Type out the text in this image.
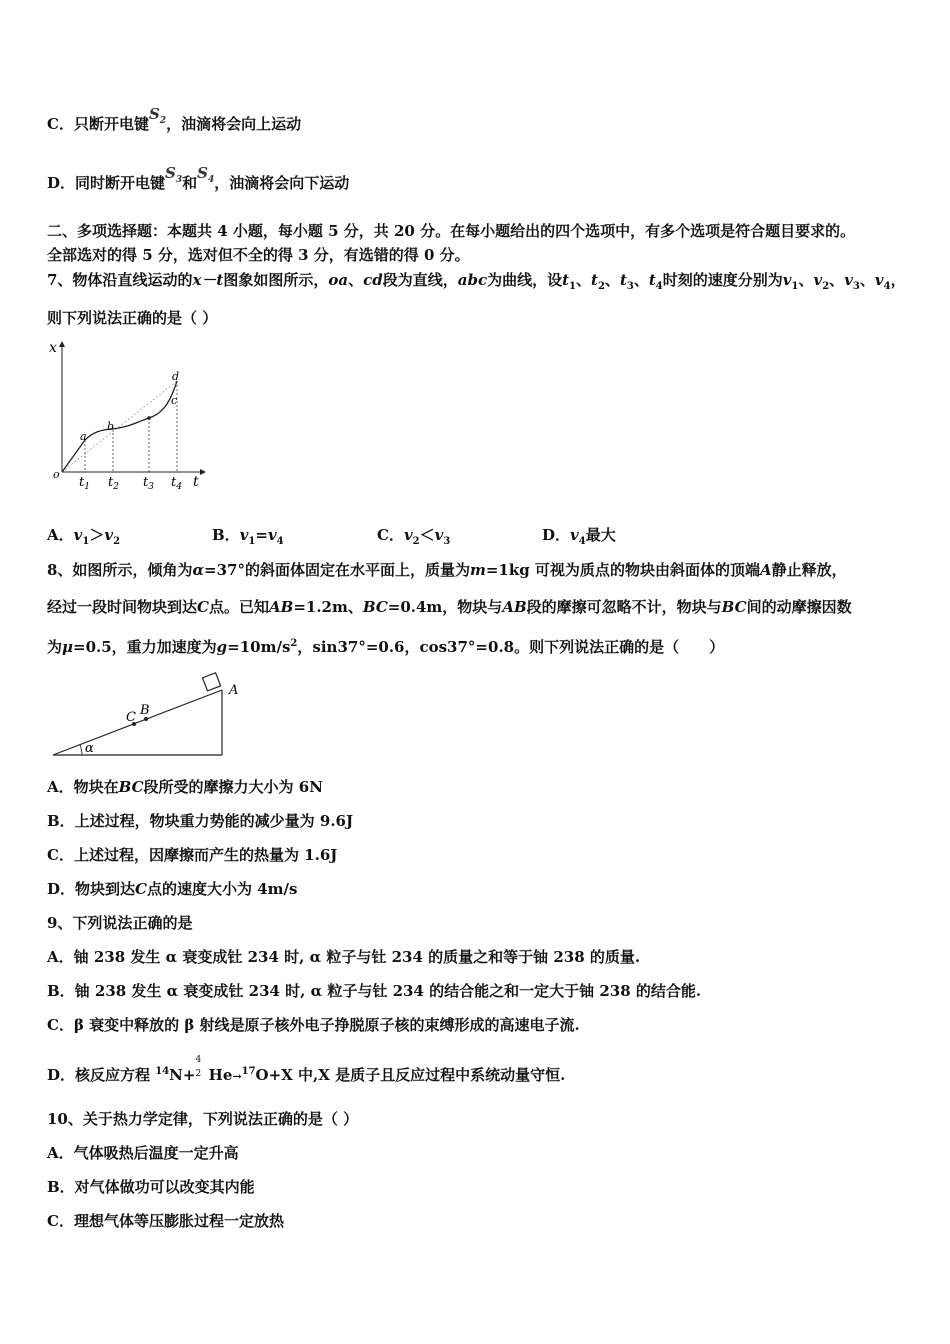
C．只断开电键$S_2$，油滴将会向上运动
D．同时断开电键$S_3$和$S_4$，油滴将会向下运动
二、多项选择题：本题共 4 小题，每小题 5 分，共 20 分。在每小题给出的四个选项中，有多个选项是符合题目要求的。
全部选对的得 5 分，选对但不全的得 3 分，有选错的得 0 分。
7、物体沿直线运动的x－t图象如图所示，oa、cd段为直线，abc为曲线，设$t_1$、$t_2$、$t_3$、$t_4$时刻的速度分别为$v_1$、$v_2$、$v_3$、$v_4$，
则下列说法正确的是（ ）
x
t
o
a
b
c
d
$t_1$ $t_2$ $t_3$ $t_4$
A．$v_1>v_2$	B．$v_1=v_4$	C．$v_2<v_3$	D．$v_4$最大
8、如图所示，倾角为α=37°的斜面体固定在水平面上，质量为m=1kg 可视为质点的物块由斜面体的顶端A静止释放，
经过一段时间物块到达C点。已知AB=1.2m、BC=0.4m，物块与AB段的摩擦可忽略不计，物块与BC间的动摩擦因数
为μ=0.5，重力加速度为$g=10m/s^2$，sin37°=0.6，cos37°=0.8。则下列说法正确的是（　　）
A
B
C
α
A．物块在BC段所受的摩擦力大小为 6N
B．上述过程，物块重力势能的减少量为 9.6J
C．上述过程，因摩擦而产生的热量为 1.6J
D．物块到达C点的速度大小为 4m/s
9、下列说法正确的是
A．铀 238 发生 α 衰变成钍 234 时, α 粒子与钍 234 的质量之和等于铀 238 的质量.
B．铀 238 发生 α 衰变成钍 234 时, α 粒子与钍 234 的结合能之和一定大于铀 238 的结合能.
C．β 衰变中释放的 β 射线是原子核外电子挣脱原子核的束缚形成的高速电子流.
D．核反应方程 $^{14}$N+
4
2 He→$^{17}$O+X 中,X 是质子且反应过程中系统动量守恒.
10、关于热力学定律，下列说法正确的是（ ）
A．气体吸热后温度一定升高
B．对气体做功可以改变其内能
C．理想气体等压膨胀过程一定放热
